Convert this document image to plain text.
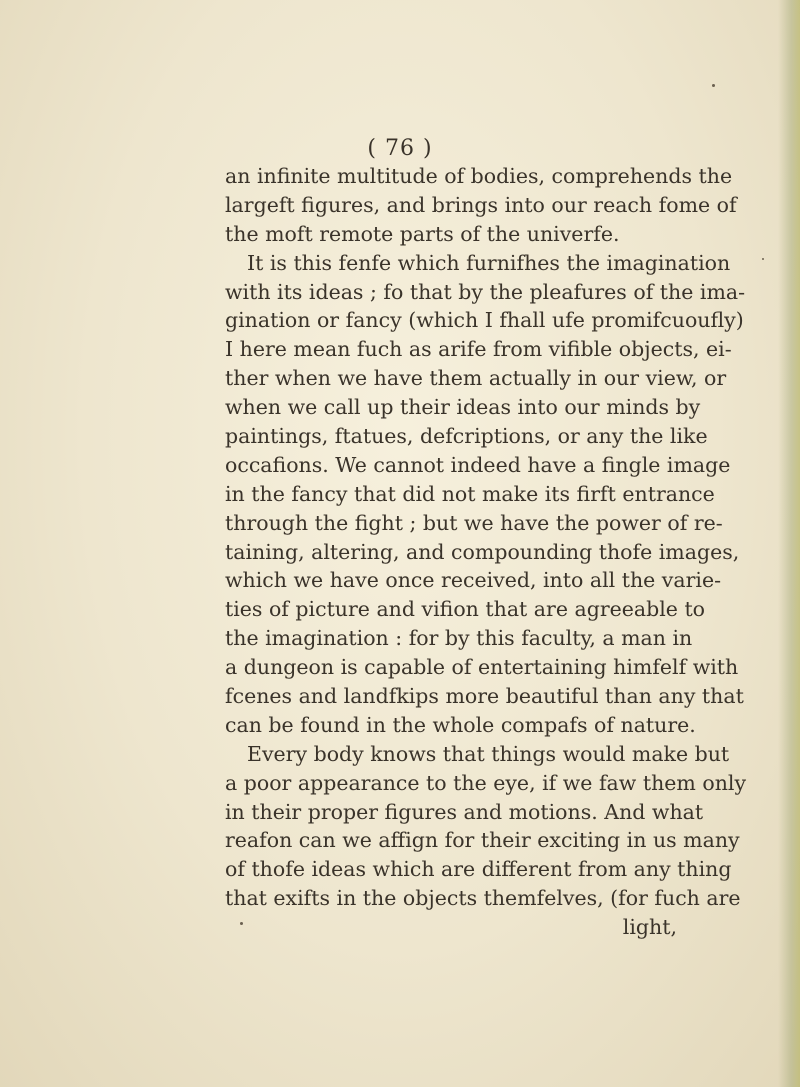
( 76 )
an infinite multitude of bodies, comprehends the
largeft figures, and brings into our reach fome of
the moft remote parts of the univerfe.
It is this fenfe which furnifhes the imagination
with its ideas ; fo that by the pleafures of the ima-
gination or fancy (which I fhall ufe promifcuoufly)
I here mean fuch as arife from vifible objects, ei-
ther when we have them actually in our view, or
when we call up their ideas into our minds by
paintings, ftatues, defcriptions, or any the like
occafions. We cannot indeed have a fingle image
in the fancy that did not make its firft entrance
through the fight ; but we have the power of re-
taining, altering, and compounding thofe images,
which we have once received, into all the varie-
ties of picture and vifion that are agreeable to
the imagination : for by this faculty, a man in
a dungeon is capable of entertaining himfelf with
fcenes and landfkips more beautiful than any that
can be found in the whole compafs of nature.
Every body knows that things would make but
a poor appearance to the eye, if we faw them only
in their proper figures and motions. And what
reafon can we affign for their exciting in us many
of thofe ideas which are different from any thing
that exifts in the objects themfelves, (for fuch are
light,
